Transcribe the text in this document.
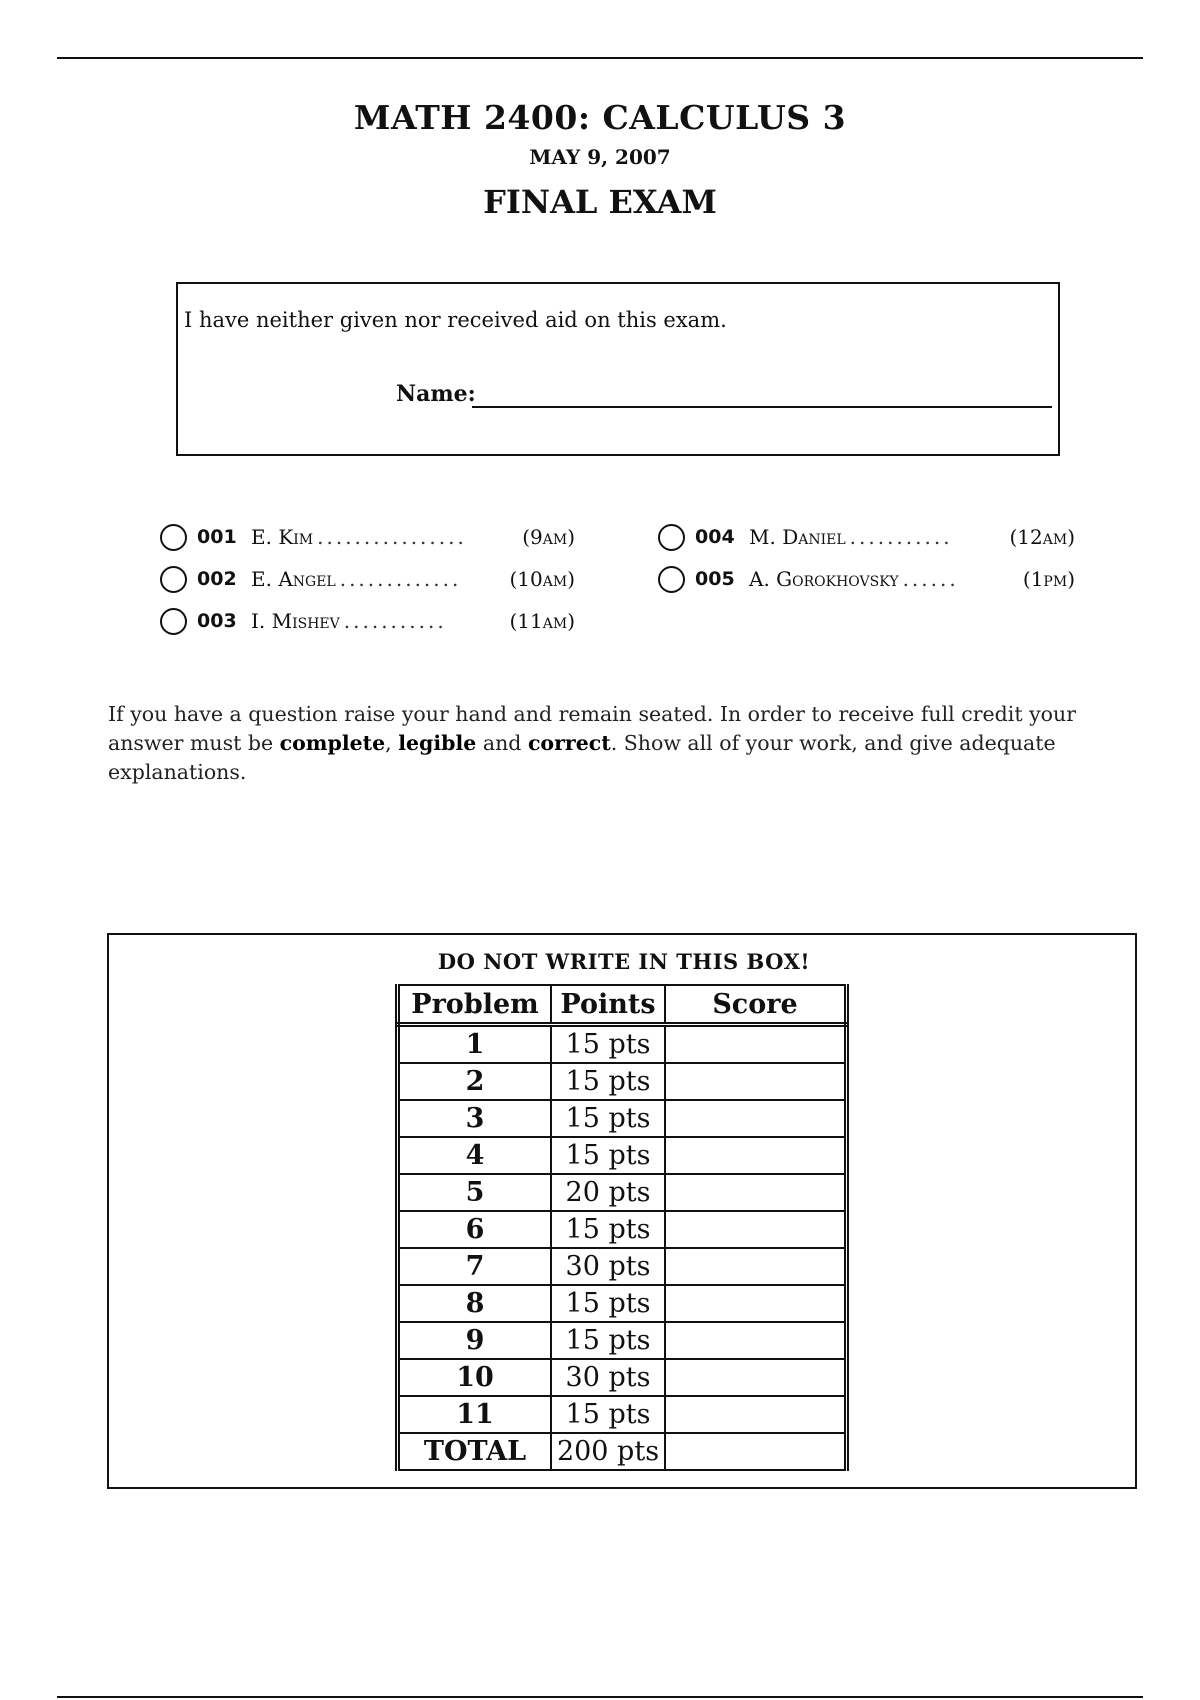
MATH 2400: CALCULUS 3
MAY 9, 2007
FINAL EXAM
I have neither given nor received aid on this exam.
Name:
001 E. Kim ................	(9am)
002 E. Angel .............	(10am)
003 I. Mishev ...........	(11am)
004 M. Daniel ...........	(12am)
005 A. Gorokhovsky ......	(1pm)
If you have a question raise your hand and remain seated. In order to receive full credit your answer must be complete, legible and correct. Show all of your work, and give adequate explanations.
DO NOT WRITE IN THIS BOX!
Problem	Points	Score
1	15 pts	
2	15 pts	
3	15 pts	
4	15 pts	
5	20 pts	
6	15 pts	
7	30 pts	
8	15 pts	
9	15 pts	
10	30 pts	
11	15 pts	
TOTAL	200 pts	
